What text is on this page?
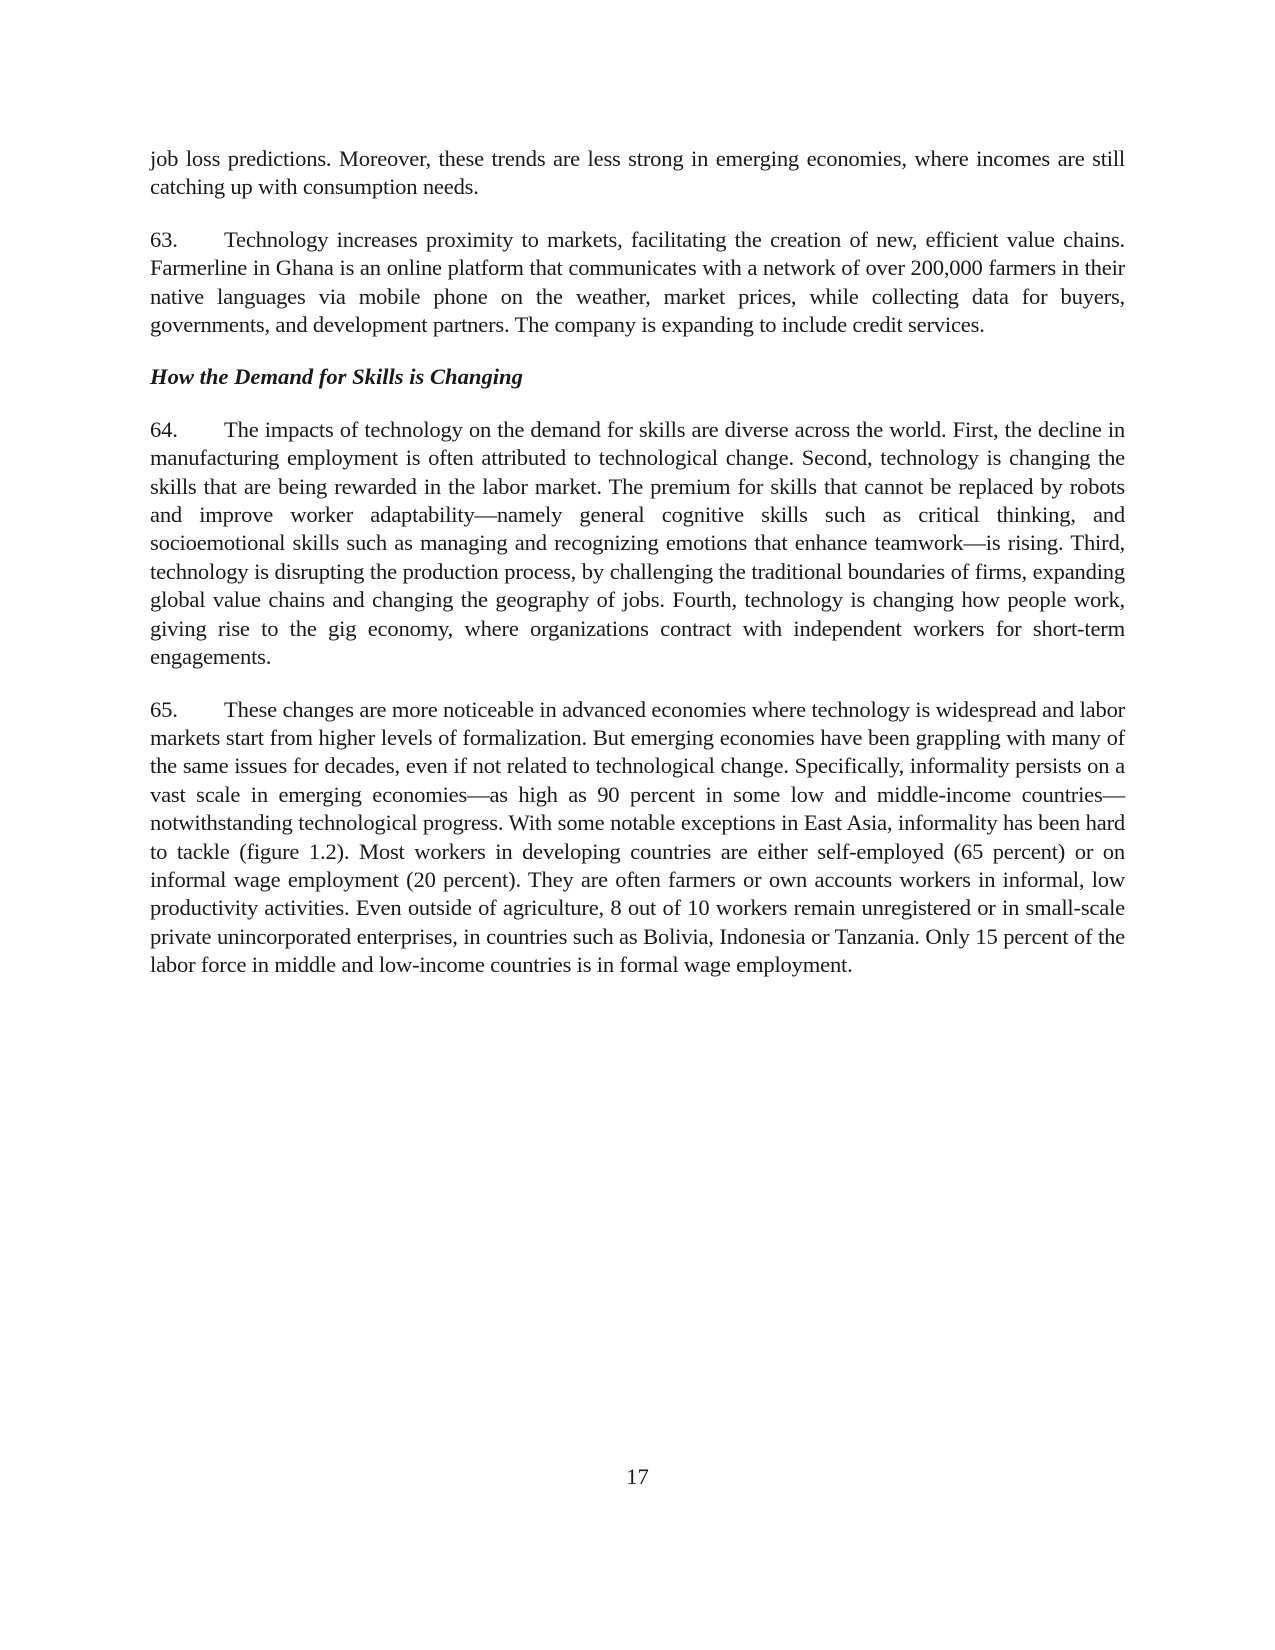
job loss predictions. Moreover, these trends are less strong in emerging economies, where incomes are still catching up with consumption needs.

63. Technology increases proximity to markets, facilitating the creation of new, efficient value chains. Farmerline in Ghana is an online platform that communicates with a network of over 200,000 farmers in their native languages via mobile phone on the weather, market prices, while collecting data for buyers, governments, and development partners. The company is expanding to include credit services.

How the Demand for Skills is Changing

64. The impacts of technology on the demand for skills are diverse across the world. First, the decline in manufacturing employment is often attributed to technological change. Second, technology is changing the skills that are being rewarded in the labor market. The premium for skills that cannot be replaced by robots and improve worker adaptability—namely general cognitive skills such as critical thinking, and socioemotional skills such as managing and recognizing emotions that enhance teamwork—is rising. Third, technology is disrupting the production process, by challenging the traditional boundaries of firms, expanding global value chains and changing the geography of jobs. Fourth, technology is changing how people work, giving rise to the gig economy, where organizations contract with independent workers for short-term engagements.

65. These changes are more noticeable in advanced economies where technology is widespread and labor markets start from higher levels of formalization. But emerging economies have been grappling with many of the same issues for decades, even if not related to technological change. Specifically, informality persists on a vast scale in emerging economies—as high as 90 percent in some low and middle-income countries—notwithstanding technological progress. With some notable exceptions in East Asia, informality has been hard to tackle (figure 1.2). Most workers in developing countries are either self-employed (65 percent) or on informal wage employment (20 percent). They are often farmers or own accounts workers in informal, low productivity activities. Even outside of agriculture, 8 out of 10 workers remain unregistered or in small-scale private unincorporated enterprises, in countries such as Bolivia, Indonesia or Tanzania. Only 15 percent of the labor force in middle and low-income countries is in formal wage employment.

17
